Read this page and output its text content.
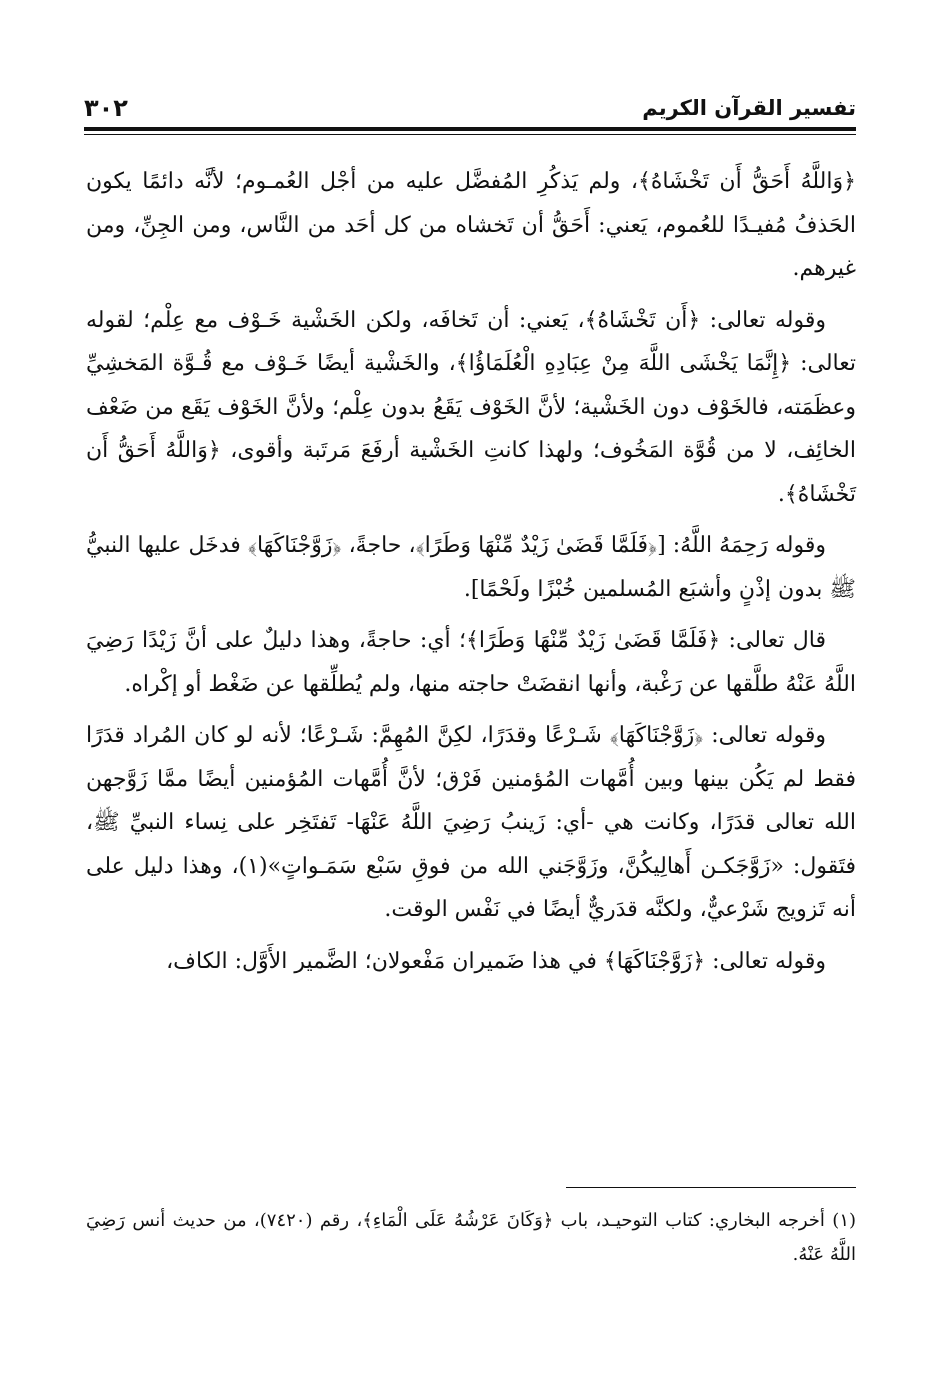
٣٠٢	تفسير القرآن الكريم

﴿وَاللَّهُ أَحَقُّ أَن تَخْشَاهُ﴾، ولم يَذكُرِ المُفضَّل عليه من أجْل العُمـوم؛ لأنَّه دائمًا يكون الحَذفُ مُفيـدًا للعُموم، يَعني: أَحَقُّ أن تَخشاه من كل أحَد من النَّاس، ومن الجِنِّ، ومن غيرهم.

وقوله تعالى: ﴿أَن تَخْشَاهُ﴾، يَعني: أن تَخافَه، ولكن الخَشْية خَـوْف مع عِلْم؛ لقوله تعالى: ﴿إِنَّمَا يَخْشَى اللَّهَ مِنْ عِبَادِهِ الْعُلَمَاؤُا﴾، والخَشْية أيضًا خَـوْف مع قُـوَّة المَخشِيِّ وعظَمَته، فالخَوْف دون الخَشْية؛ لأنَّ الخَوْف يَقَعُ بدون عِلْم؛ ولأنَّ الخَوْف يَقَع من ضَعْف الخائِف، لا من قُوَّة المَخُوف؛ ولهذا كانتِ الخَشْية أرفَعَ مَرتَبة وأقوى، ﴿وَاللَّهُ أَحَقُّ أَن تَخْشَاهُ﴾.

وقوله رَحِمَهُ اللَّهُ: [﴿فَلَمَّا قَضَىٰ زَيْدٌ مِّنْهَا وَطَرًا﴾، حاجةً، ﴿زَوَّجْنَاكَهَا﴾ فدخَل عليها النبيُّ ﷺ بدون إذْنٍ وأشبَع المُسلمين خُبْزًا ولَحْمًا].

قال تعالى: ﴿فَلَمَّا قَضَىٰ زَيْدٌ مِّنْهَا وَطَرًا﴾؛ أي: حاجةً، وهذا دليلٌ على أنَّ زَيْدًا رَضِيَ اللَّهُ عَنْهُ طلَّقها عن رَغْبة، وأنها انقضَتْ حاجته منها، ولم يُطلِّقها عن ضَغْط أو إكْراه.

وقوله تعالى: ﴿زَوَّجْنَاكَهَا﴾ شَـرْعًا وقدَرًا، لكِنَّ المُهِمَّ: شَـرْعًا؛ لأنه لو كان المُراد قدَرًا فقط لم يَكُن بينها وبين أُمَّهات المُؤمنين فَرْق؛ لأنَّ أُمَّهات المُؤمنين أيضًا ممَّا زَوَّجهن الله تعالى قدَرًا، وكانت هي -أي: زَينبُ رَضِيَ اللَّهُ عَنْهَا- تَفتَخِر على نِساء النبيِّ ﷺ، فتَقول: «زَوَّجَكـن أَهالِيكُنَّ، وزَوَّجَني الله من فوقِ سَبْع سَمَـواتٍ»(١)، وهذا دليل على أنه تَزويج شَرْعيٌّ، ولكنَّه قدَريٌّ أيضًا في نَفْس الوقت.

وقوله تعالى: ﴿زَوَّجْنَاكَهَا﴾ في هذا ضَميران مَفْعولان؛ الضَّمير الأَوَّل: الكاف،

(١) أخرجه البخاري: كتاب التوحيـد، باب ﴿وَكَانَ عَرْشُهُ عَلَى الْمَاءِ﴾، رقم (٧٤٢٠)، من حديث أنس رَضِيَ اللَّهُ عَنْهُ.
